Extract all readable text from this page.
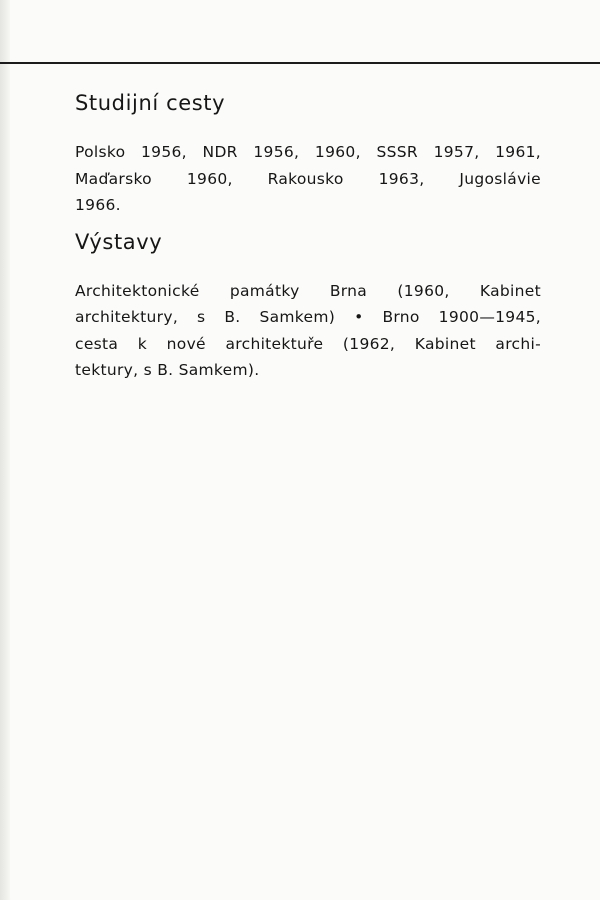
Studijní cesty

Polsko 1956, NDR 1956, 1960, SSSR 1957, 1961,
Maďarsko 1960, Rakousko 1963, Jugoslávie
1966.

Výstavy

Architektonické památky Brna (1960, Kabinet
architektury, s B. Samkem) • Brno 1900—1945,
cesta k nové architektuře (1962, Kabinet archi-
tektury, s B. Samkem).
